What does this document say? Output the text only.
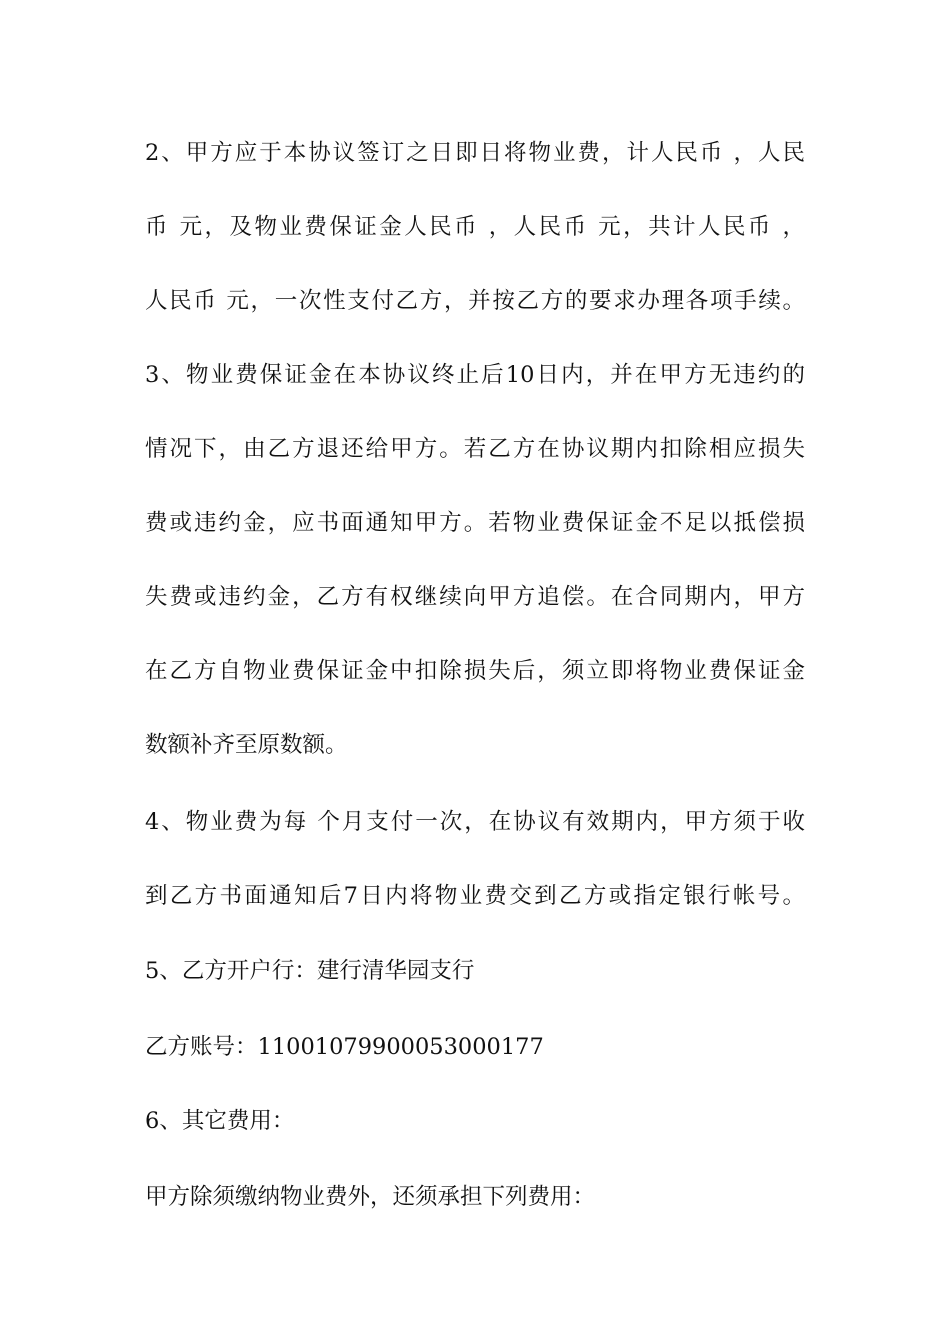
2、甲方应于本协议签订之日即日将物业费，计人民币 ，人民
币 元，及物业费保证金人民币 ，人民币 元，共计人民币 ，
人民币 元，一次性支付乙方，并按乙方的要求办理各项手续。
3、物业费保证金在本协议终止后10日内，并在甲方无违约的
情况下，由乙方退还给甲方。若乙方在协议期内扣除相应损失
费或违约金，应书面通知甲方。若物业费保证金不足以抵偿损
失费或违约金，乙方有权继续向甲方追偿。在合同期内，甲方
在乙方自物业费保证金中扣除损失后，须立即将物业费保证金
数额补齐至原数额。
4、物业费为每 个月支付一次，在协议有效期内，甲方须于收
到乙方书面通知后7日内将物业费交到乙方或指定银行帐号。
5、乙方开户行：建行清华园支行
乙方账号：11001079900053000177
6、其它费用：
甲方除须缴纳物业费外，还须承担下列费用：
